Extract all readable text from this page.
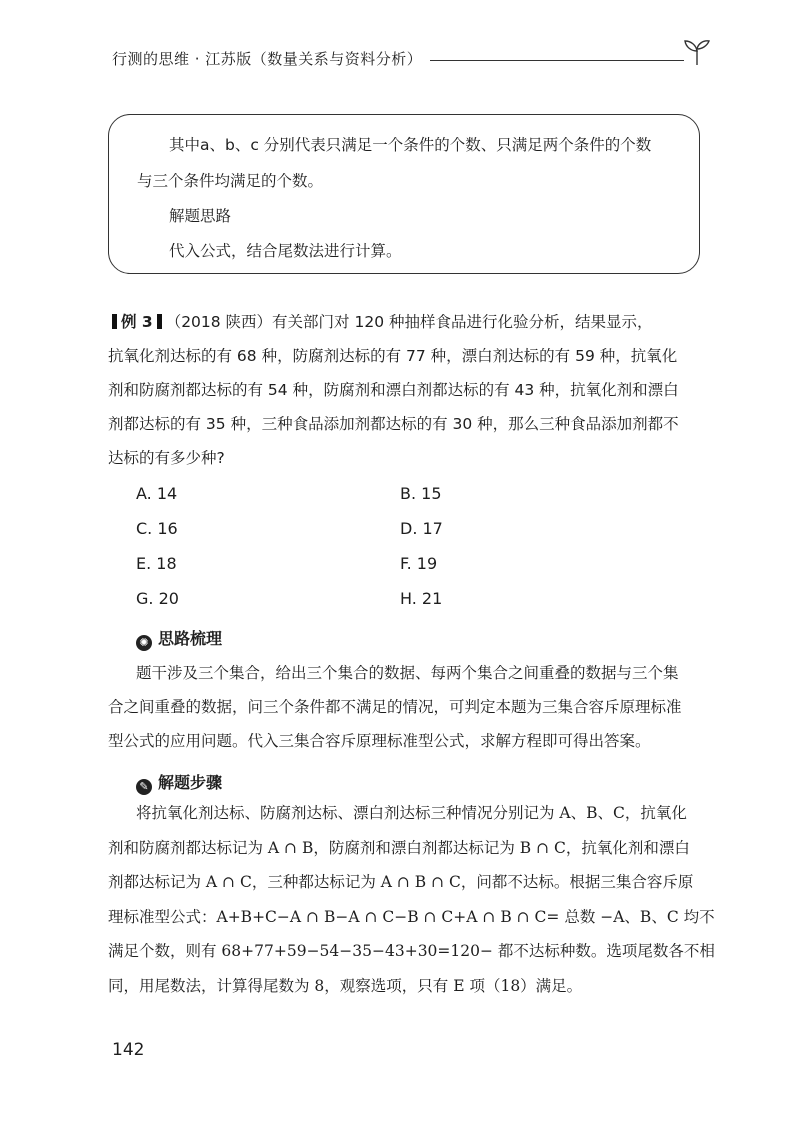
行测的思维 · 江苏版（数量关系与资料分析）

其中a、b、c 分别代表只满足一个条件的个数、只满足两个条件的个数

与三个条件均满足的个数。

解题思路

代入公式，结合尾数法进行计算。

例 3 （2018 陕西）有关部门对 120 种抽样食品进行化验分析，结果显示，
抗氧化剂达标的有 68 种，防腐剂达标的有 77 种，漂白剂达标的有 59 种，抗氧化
剂和防腐剂都达标的有 54 种，防腐剂和漂白剂都达标的有 43 种，抗氧化剂和漂白
剂都达标的有 35 种，三种食品添加剂都达标的有 30 种，那么三种食品添加剂都不
达标的有多少种?
A. 14	B. 15
C. 16	D. 17
E. 18	F. 19
G. 20	H. 21
✺ 思路梳理
题干涉及三个集合，给出三个集合的数据、每两个集合之间重叠的数据与三个集
合之间重叠的数据，问三个条件都不满足的情况，可判定本题为三集合容斥原理标准
型公式的应用问题。代入三集合容斥原理标准型公式，求解方程即可得出答案。
✎ 解题步骤
将抗氧化剂达标、防腐剂达标、漂白剂达标三种情况分别记为 A、B、C，抗氧化
剂和防腐剂都达标记为 A ∩ B，防腐剂和漂白剂都达标记为 B ∩ C，抗氧化剂和漂白
剂都达标记为 A ∩ C，三种都达标记为 A ∩ B ∩ C，问都不达标。根据三集合容斥原
理标准型公式：A+B+C−A ∩ B−A ∩ C−B ∩ C+A ∩ B ∩ C= 总数 −A、B、C 均不
满足个数，则有 68+77+59−54−35−43+30=120− 都不达标种数。选项尾数各不相
同，用尾数法，计算得尾数为 8，观察选项，只有 E 项（18）满足。
142
